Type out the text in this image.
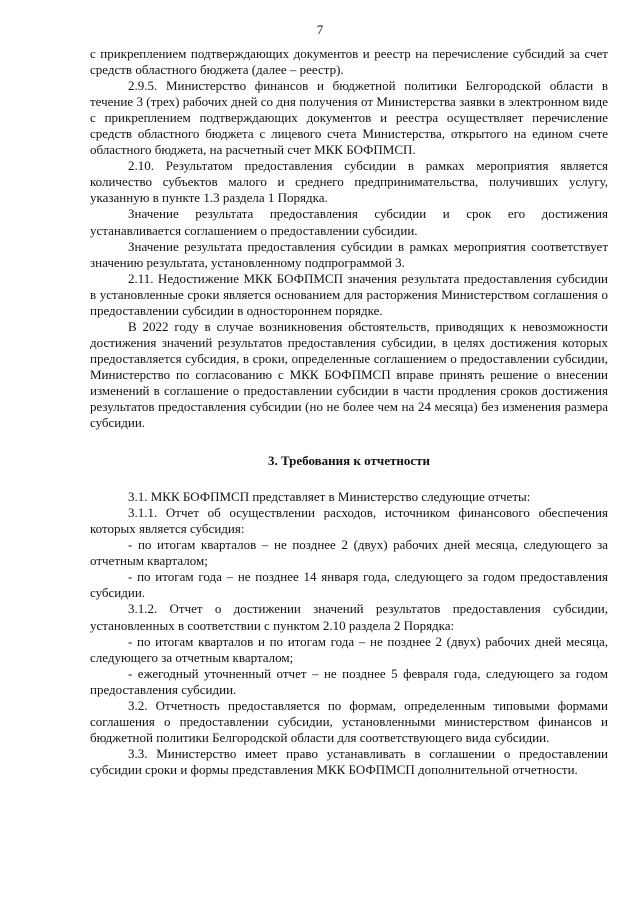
7

с прикреплением подтверждающих документов и реестр на перечисление субсидий за счет средств областного бюджета (далее – реестр).

2.9.5. Министерство финансов и бюджетной политики Белгородской области в течение 3 (трех) рабочих дней со дня получения от Министерства заявки в электронном виде с прикреплением подтверждающих документов и реестра осуществляет перечисление средств областного бюджета с лицевого счета Министерства, открытого на едином счете областного бюджета, на расчетный счет МКК БОФПМСП.

2.10. Результатом предоставления субсидии в рамках мероприятия является количество субъектов малого и среднего предпринимательства, получивших услугу, указанную в пункте 1.3 раздела 1 Порядка.

Значение результата предоставления субсидии и срок его достижения устанавливается соглашением о предоставлении субсидии.

Значение результата предоставления субсидии в рамках мероприятия соответствует значению результата, установленному подпрограммой 3.

2.11. Недостижение МКК БОФПМСП значения результата предоставления субсидии в установленные сроки является основанием для расторжения Министерством соглашения о предоставлении субсидии в одностороннем порядке.

В 2022 году в случае возникновения обстоятельств, приводящих к невозможности достижения значений результатов предоставления субсидии, в целях достижения которых предоставляется субсидия, в сроки, определенные соглашением о предоставлении субсидии, Министерство по согласованию с МКК БОФПМСП вправе принять решение о внесении изменений в соглашение о предоставлении субсидии в части продления сроков достижения результатов предоставления субсидии (но не более чем на 24 месяца) без изменения размера субсидии.

3. Требования к отчетности

3.1. МКК БОФПМСП представляет в Министерство следующие отчеты:

3.1.1. Отчет об осуществлении расходов, источником финансового обеспечения которых является субсидия:

- по итогам кварталов – не позднее 2 (двух) рабочих дней месяца, следующего за отчетным кварталом;

- по итогам года – не позднее 14 января года, следующего за годом предоставления субсидии.

3.1.2. Отчет о достижении значений результатов предоставления субсидии, установленных в соответствии с пунктом 2.10 раздела 2 Порядка:

- по итогам кварталов и по итогам года – не позднее 2 (двух) рабочих дней месяца, следующего за отчетным кварталом;

- ежегодный уточненный отчет – не позднее 5 февраля года, следующего за годом предоставления субсидии.

3.2. Отчетность предоставляется по формам, определенным типовыми формами соглашения о предоставлении субсидии, установленными министерством финансов и бюджетной политики Белгородской области для соответствующего вида субсидии.

3.3. Министерство имеет право устанавливать в соглашении о предоставлении субсидии сроки и формы представления МКК БОФПМСП дополнительной отчетности.
